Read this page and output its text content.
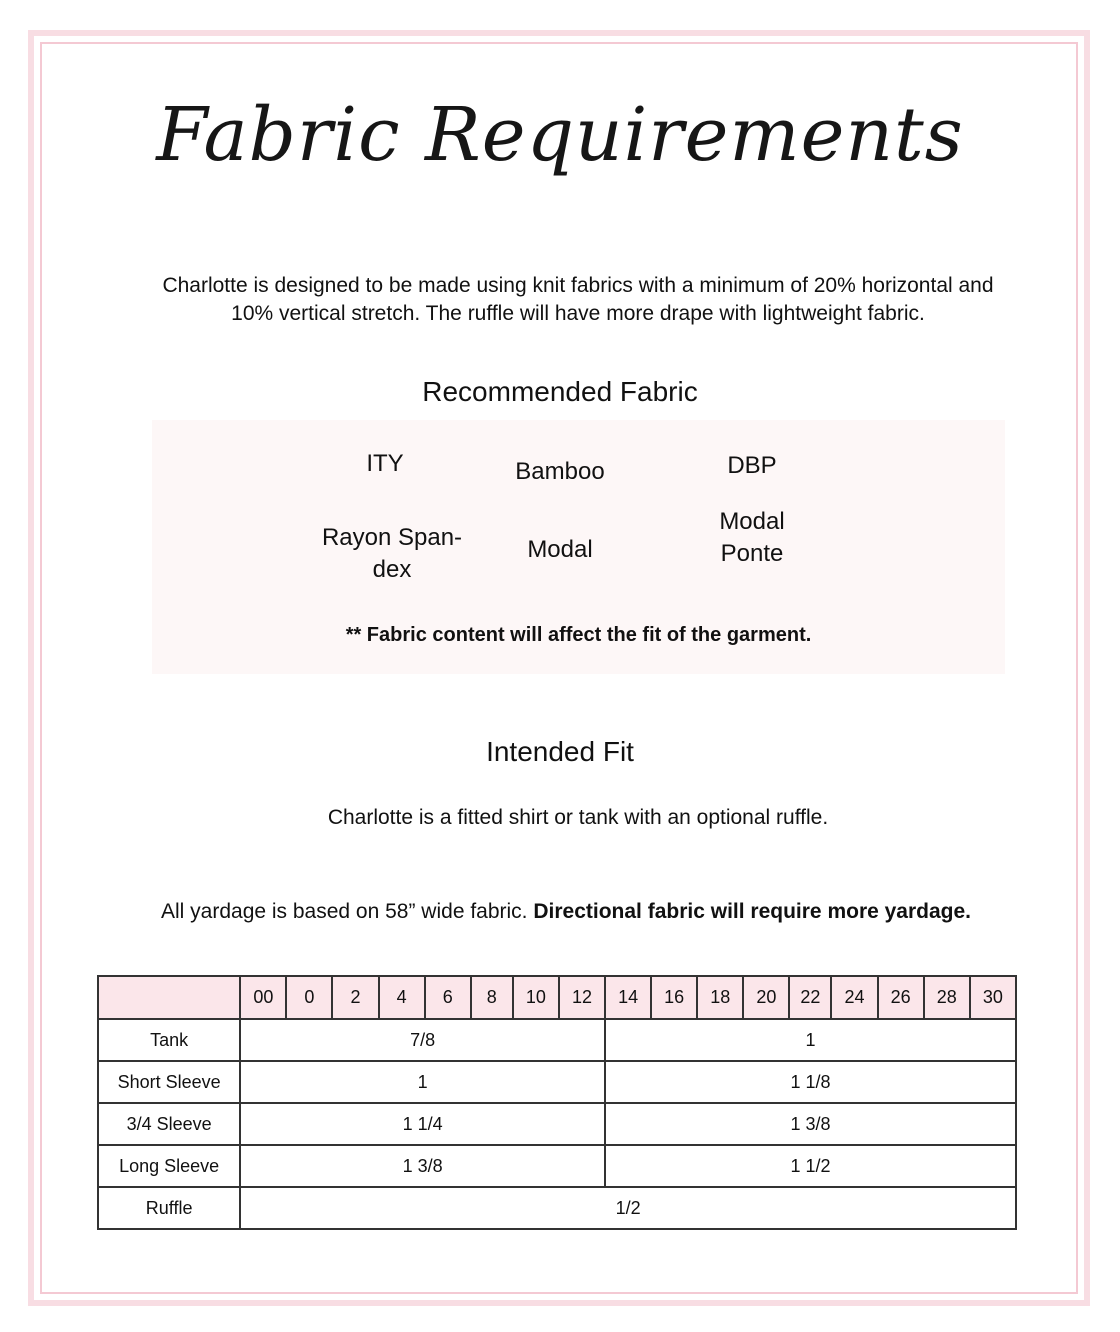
Fabric Requirements
Charlotte is designed to be made using knit fabrics with a minimum of 20% horizontal and 10% vertical stretch. The ruffle will have more drape with lightweight fabric.
Recommended Fabric
ITY	Bamboo	DBP
Rayon Span-dex
Modal
Modal Ponte
** Fabric content will affect the fit of the garment.
Intended Fit
Charlotte is a fitted shirt or tank with an optional ruffle.
All yardage is based on 58” wide fabric. Directional fabric will require more yardage.
	00	0	2	4	6	8	10	12	14	16	18	20	22	24	26	28	30
Tank	7/8								1								
Short Sleeve	1								1 1/8								
3/4 Sleeve	1 1/4								1 3/8								
Long Sleeve	1 3/8								1 1/2								
Ruffle	1/2																
